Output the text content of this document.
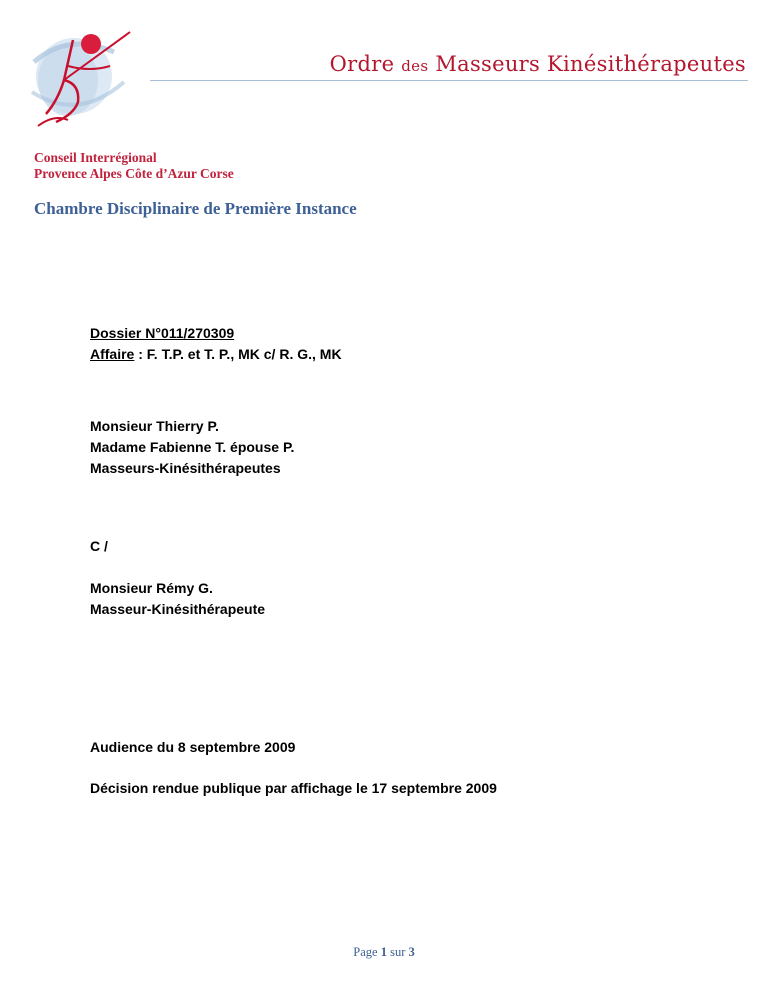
Ordre des Masseurs Kinésithérapeutes
Conseil Interrégional
Provence Alpes Côte d’Azur Corse
Chambre Disciplinaire de Première Instance
Dossier N°011/270309
Affaire : F. T.P. et T. P., MK c/ R. G., MK
Monsieur Thierry P.
Madame Fabienne T. épouse P.
Masseurs-Kinésithérapeutes
C /
Monsieur Rémy G.
Masseur-Kinésithérapeute
Audience du 8 septembre 2009
Décision rendue publique par affichage le 17 septembre 2009
Page 1 sur 3
